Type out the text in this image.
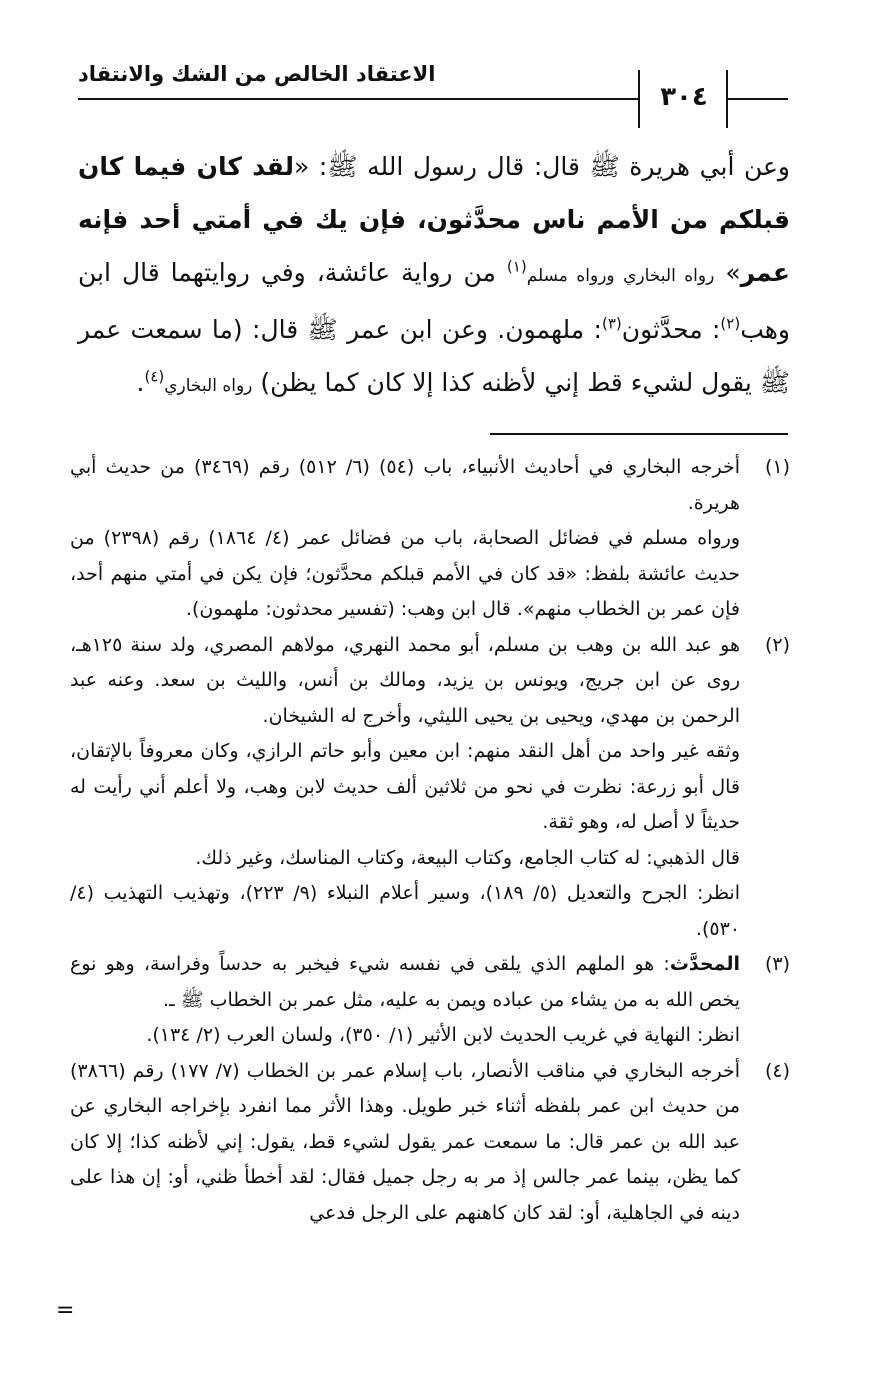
الاعتقاد الخالص من الشك والانتقاد
٣٠٤

وعن أبي هريرة ﷺ قال: قال رسول الله ﷺ: «لقد كان فيما كان قبلكم من الأمم ناس محدَّثون، فإن يك في أمتي أحد فإنه عمر» رواه البخاري ورواه مسلم$^{(١)}$ من رواية عائشة، وفي روايتهما قال ابن وهب$^{(٢)}$: محدَّثون$^{(٣)}$: ملهمون. وعن ابن عمر ﷺ قال: (ما سمعت عمر ﷺ يقول لشيء قط إني لأظنه كذا إلا كان كما يظن) رواه البخاري$^{(٤)}$.

(١)

أخرجه البخاري في أحاديث الأنبياء، باب (٥٤) (٦/ ٥١٢) رقم (٣٤٦٩) من حديث أبي هريرة.

ورواه مسلم في فضائل الصحابة، باب من فضائل عمر (٤/ ١٨٦٤) رقم (٢٣٩٨) من حديث عائشة بلفظ: «قد كان في الأمم قبلكم محدَّثون؛ فإن يكن في أمتي منهم أحد، فإن عمر بن الخطاب منهم». قال ابن وهب: (تفسير محدثون: ملهمون).

(٢)

هو عبد الله بن وهب بن مسلم، أبو محمد النهري، مولاهم المصري، ولد سنة ١٢٥هـ، روى عن ابن جريج، ويونس بن يزيد، ومالك بن أنس، والليث بن سعد. وعنه عبد الرحمن بن مهدي، ويحيى بن يحيى الليثي، وأخرج له الشيخان.

وثقه غير واحد من أهل النقد منهم: ابن معين وأبو حاتم الرازي، وكان معروفاً بالإتقان، قال أبو زرعة: نظرت في نحو من ثلاثين ألف حديث لابن وهب، ولا أعلم أني رأيت له حديثاً لا أصل له، وهو ثقة.

قال الذهبي: له كتاب الجامع، وكتاب البيعة، وكتاب المناسك، وغير ذلك.

انظر: الجرح والتعديل (٥/ ١٨٩)، وسير أعلام النبلاء (٩/ ٢٢٣)، وتهذيب التهذيب (٤/ ٥٣٠).

(٣)

المحدَّث: هو الملهم الذي يلقى في نفسه شيء فيخبر به حدساً وفراسة، وهو نوع يخص الله به من يشاء من عباده ويمن به عليه، مثل عمر بن الخطاب ﷺ ـ.

انظر: النهاية في غريب الحديث لابن الأثير (١/ ٣٥٠)، ولسان العرب (٢/ ١٣٤).

(٤)

أخرجه البخاري في مناقب الأنصار، باب إسلام عمر بن الخطاب (٧/ ١٧٧) رقم (٣٨٦٦) من حديث ابن عمر بلفظه أثناء خبر طويل. وهذا الأثر مما انفرد بإخراجه البخاري عن عبد الله بن عمر قال: ما سمعت عمر يقول لشيء قط، يقول: إني لأظنه كذا؛ إلا كان كما يظن، بينما عمر جالس إذ مر به رجل جميل فقال: لقد أخطأ ظني، أو: إن هذا على دينه في الجاهلية، أو: لقد كان كاهنهم على الرجل فدعي

=
